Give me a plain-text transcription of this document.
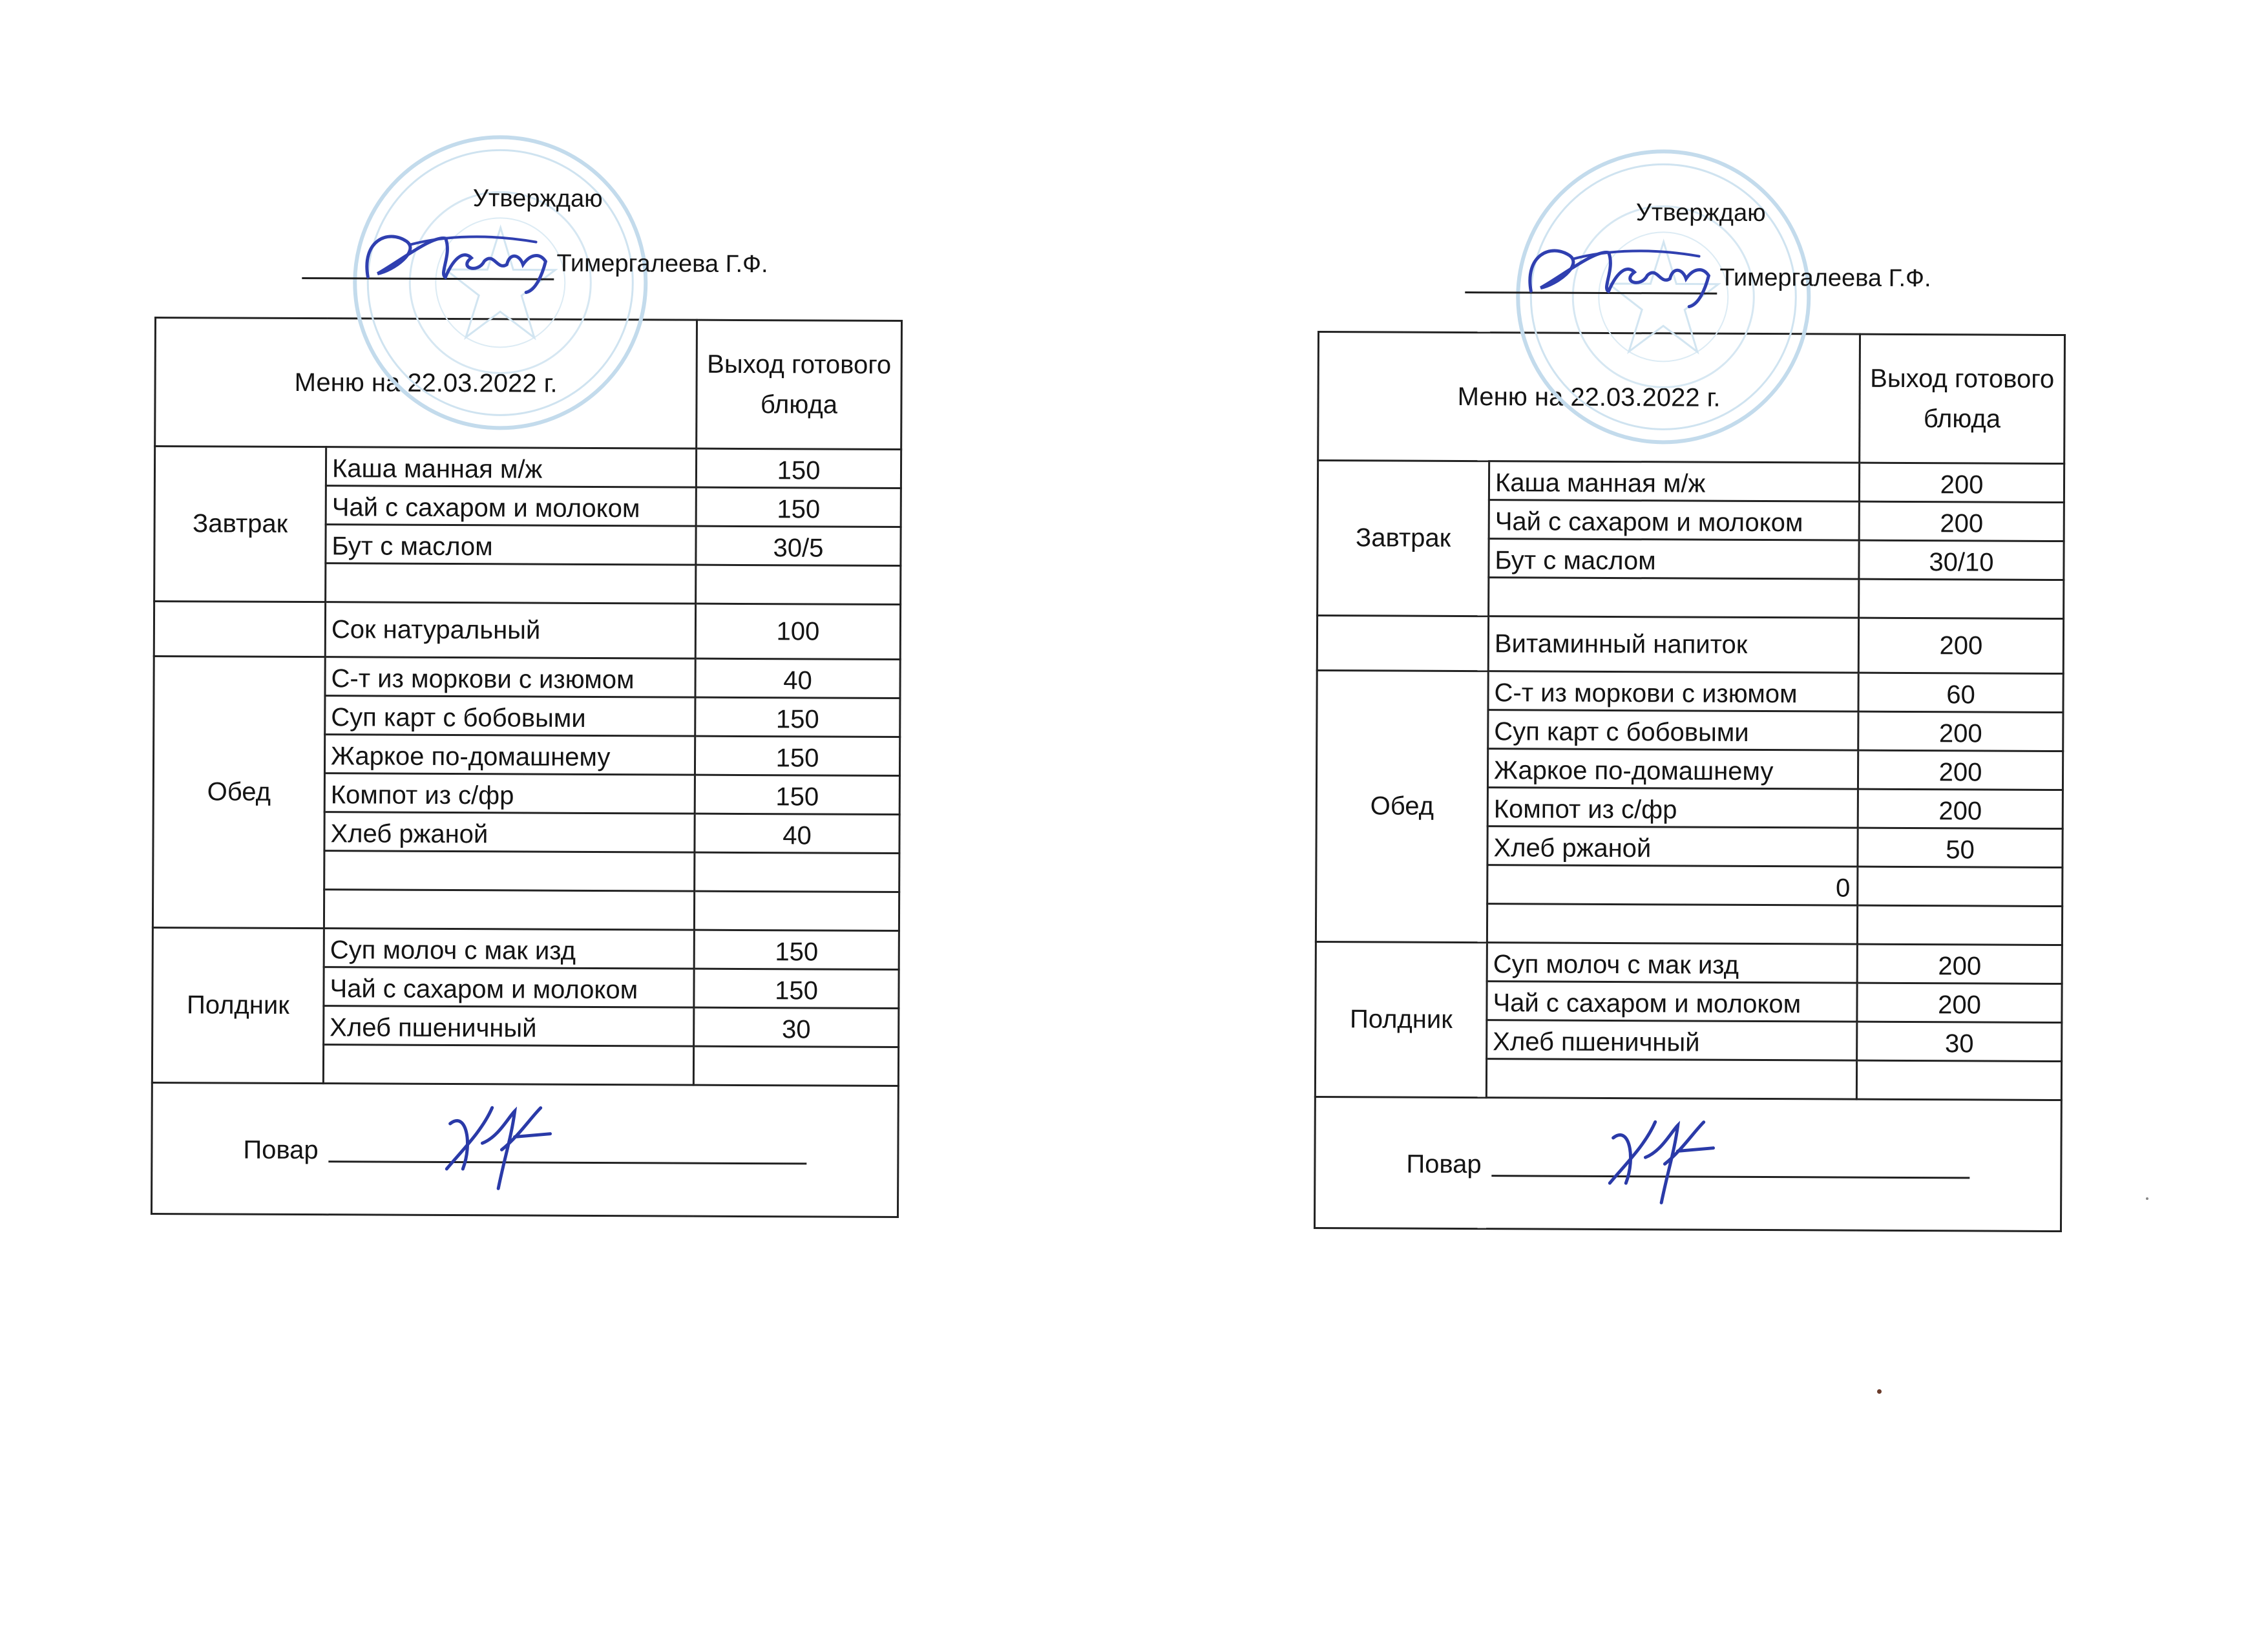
Утверждаю
Тимергалеева Г.Ф.
Меню на 22.03.2022 г.		Выход готового блюда
Завтрак	Каша манная м/ж	150
	Чай с сахаром и молоком	150
	Бут с маслом	30/5

	Сок натуральный	100
Обед	С-т из моркови с изюмом	40
	Суп карт с бобовыми	150
	Жаркое по-домашнему	150
	Компот из с/фр	150
	Хлеб ржаной	40

Полдник	Суп молоч с мак изд	150
	Чай с сахаром и молоком	150
	Хлеб пшеничный	30

Повар		
Утверждаю
Тимергалеева Г.Ф.
Меню на 22.03.2022 г.		Выход готового блюда
Завтрак	Каша манная м/ж	200
	Чай с сахаром и молоком	200
	Бут с маслом	30/10

	Витаминный напиток	200
Обед	С-т из моркови с изюмом	60
	Суп карт с бобовыми	200
	Жаркое по-домашнему	200
	Компот из с/фр	200
	Хлеб ржаной	50
	0	

Полдник	Суп молоч с мак изд	200
	Чай с сахаром и молоком	200
	Хлеб пшеничный	30

Повар		
